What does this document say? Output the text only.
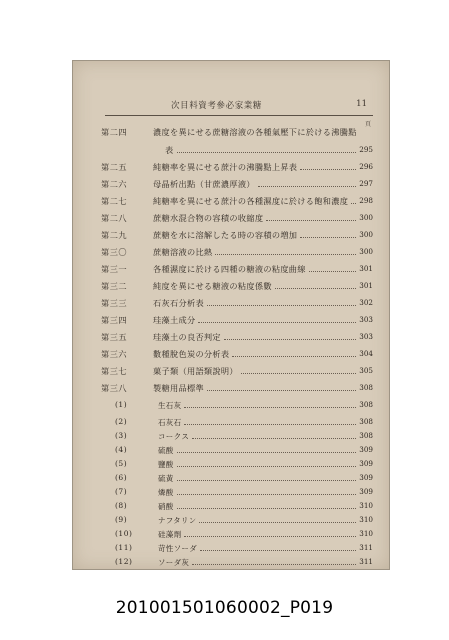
次目料資考參必家業糖	11
頁
第二四	濃度を異にせる蔗糖溶液の各種氣壓下に於ける沸騰點
表	295
第二五	純糖率を異にせる蔗汁の沸騰點上昇表	296
第二六	母晶析出點（甘蔗濃厚液）	297
第二七	純糖率を異にせる蔗汁の各種濕度に於ける飽和濃度 298
第二八	蔗糖水混合物の容積の收縮度	300
第二九	蔗糖を水に溶解したる時の容積の増加	300
第三〇	蔗糖溶液の比熱	300
第三一	各種濕度に於ける四種の糖液の粘度曲線	301
第三二	純度を異にせる糖液の粘度係數	301
第三三	石灰石分析表	302
第三四	珪藻土成分	303
第三五	珪藻土の良否判定	303
第三六	數種脫色炭の分析表	304
第三七	菓子類（用語類說明）	305
第三八	製糖用品標準	308
(1)	生石灰	308
(2)	石灰石	308
(3)	コークス	308
(4)	硫酸	309
(5)	鹽酸	309
(6)	硫黃	309
(7)	燐酸	309
(8)	硝酸	310
(9)	ナフタリン	310
(10)	硅藻劑	310
(11)	苛性ソーダ	311
(12)	ソーダ灰	311
201001501060002_P019
